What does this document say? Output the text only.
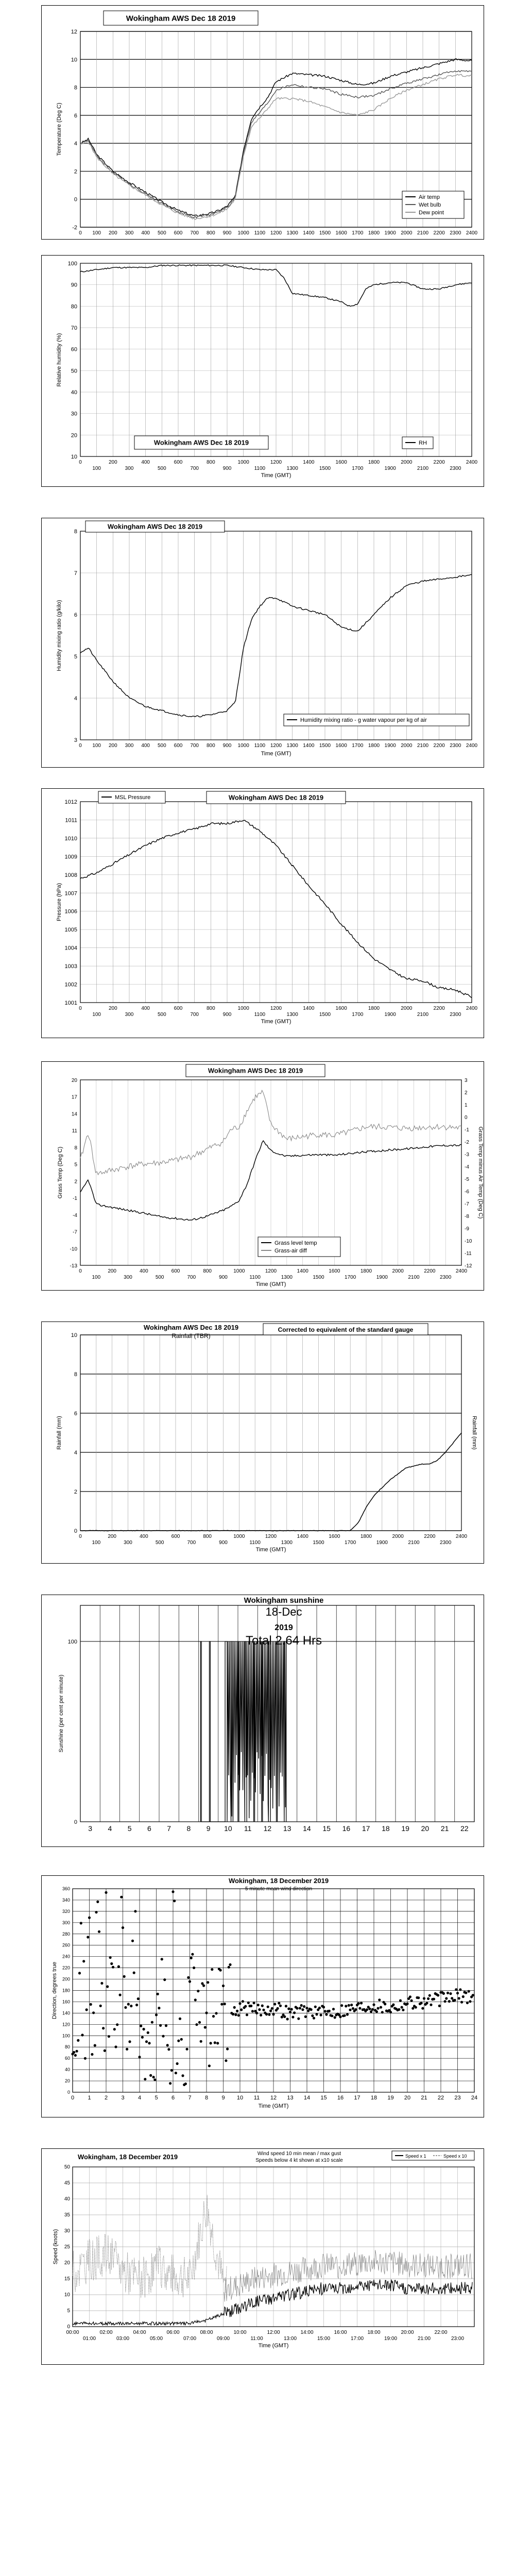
-2
0
2
4
6
8
10
12
0 100 200 300 400 500 600 700 800 900 1000 1100 1200 1300 1400 1500 1600 1700 1800 1900 2000 2100 2200 2300 2400
Temperature (Deg C)
Wokingham AWS Dec 18 2019
Air temp
Wet bulb
Dew point
10
20
30
40
50
60
70
80
90
100
0	200	400	600	800	1000	1200	1400	1600	1800	2000	2200	2400
100	300	500	700	900	1100	1300	1500	1700	1900	2100	2300
Time (GMT)
Relative humidity (%)
Wokingham AWS Dec 18 2019	RH
3
4
5
6
7
8
0 100 200 300 400 500 600 700 800 900 1000 1100 1200 1300 1400 1500 1600 1700 1800 1900 2000 2100 2200 2300 2400
Time (GMT)
Humidity mixing ratio (g/kilo)
Wokingham AWS Dec 18 2019
Humidity mixing ratio - g water vapour per kg of air
1001
1002
1003
1004
1005
1006
1007
1008
1009
1010
1011
1012
0	200	400	600	800	1000	1200	1400	1600	1800	2000	2200	2400
100	300	500	700	900	1100	1300	1500	1700	1900	2100	2300
Time (GMT)
Pressure (hPa)
MSL Pressure	Wokingham AWS Dec 18 2019
20
17
14
11
8
5
2
-1
-4
-7
-10
-13
3
2
1
0
-1
-2
-3
-4
-5
-6
-7
-8
-9
-10
-11
-12
0	200	400	600	800	1000	1200	1400	1600	1800	2000	2200	2400
100	300	500	700	900	1100	1300	1500	1700	1900	2100	2300
Time (GMT)
Grass Temp (Deg C)	Grass Temp minus Air Temp (Deg C)
Wokingham AWS Dec 18 2019
Grass level temp
Grass-air diff
0
2
4
6
8
10
0	200	400	600	800	1000	1200	1400	1600	1800	2000	2200	2400
100	300	500	700	900	1100	1300	1500	1700	1900	2100	2300
Time (GMT)
Rainfall (mm)	Rainfall (mm)
Wokingham AWS Dec 18 2019
Rainfall (TBR)
Corrected to equivalent of the standard gauge
0
100
3 4 5 6 7 8 9 10 11 12 13 14 15 16 17 18 19 20 21 22
Sunshine (per cent per minute)
Wokingham sunshine
18-Dec
2019
Total 2.64 Hrs
0
20
40
60
80
100
120
140
160
180
200
220
240
260
280
300
320
340
360
0 1 2 3 4 5 6 7 8 9 10 11 12 13 14 15 16 17 18 19 20 21 22 23 24
Time (GMT)
Direction, degrees true
Wokingham, 18 December 2019
5 minute mean wind direction
0
5
10
15
20
25
30
35
40
45
50
00:00	02:00	04:00	06:00	08:00	10:00	12:00	14:00	16:00	18:00	20:00	22:00
01:00	03:00	05:00	07:00	09:00	11:00	13:00	15:00	17:00	19:00	21:00	23:00
Time (GMT)
Speed (knots)
Wokingham, 18 December 2019	Wind speed 10 min mean / max gust
Speeds below 4 kt shown at x10 scale
Speed x 1	Speed x 10
